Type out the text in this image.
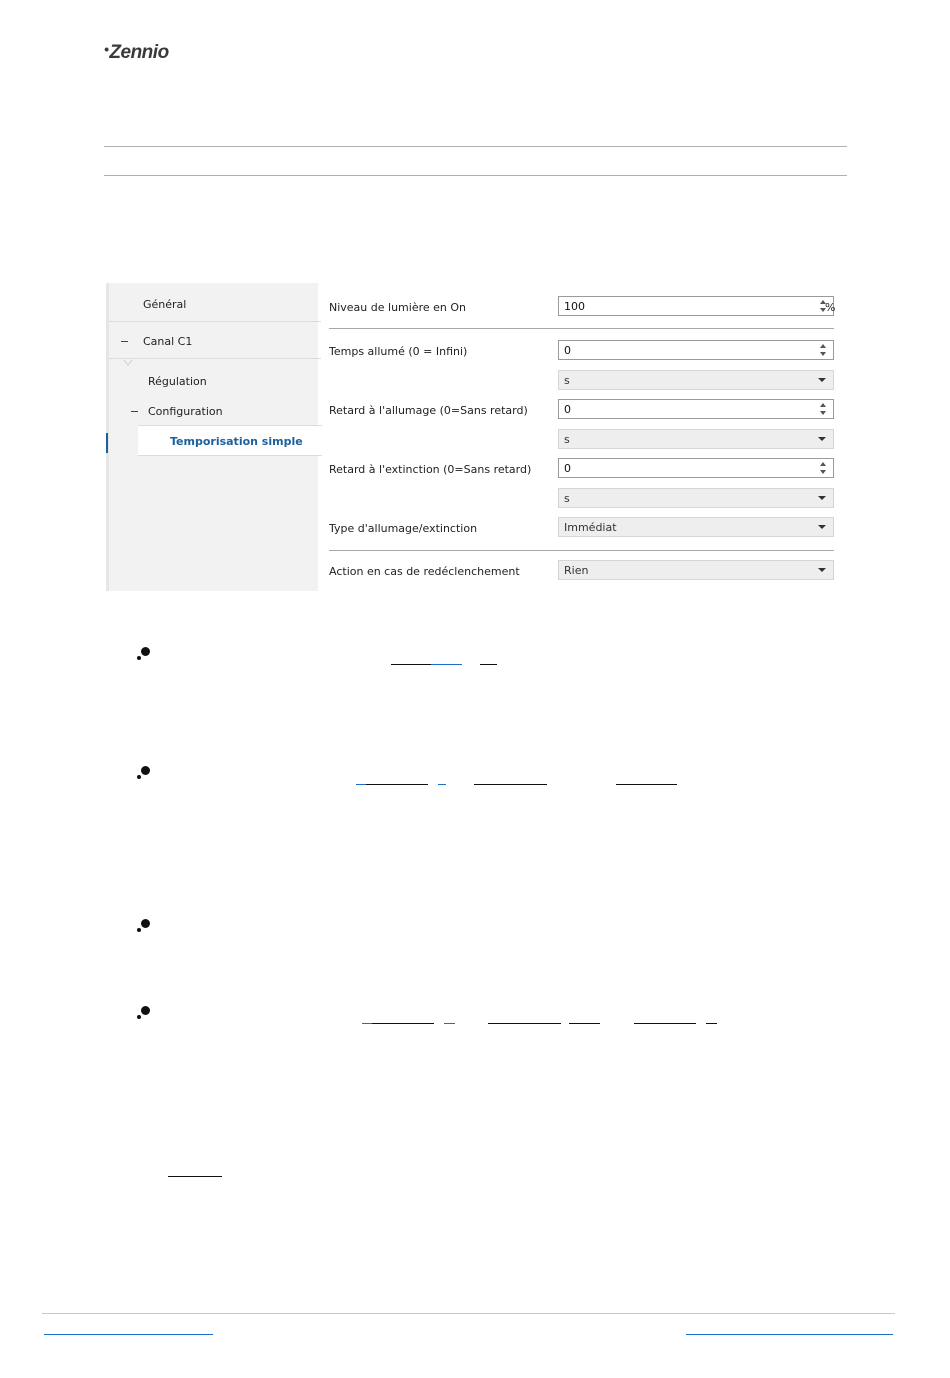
•Zennio
Général
Canal C1
Régulation
Configuration
Temporisation simple
Niveau de lumière en On	100	%
Temps allumé (0 = Infini)	0
s
Retard à l'allumage (0=Sans retard)	0
s
Retard à l'extinction (0=Sans retard)	0
s
Type d'allumage/extinction	Immédiat
Action en cas de redéclenchement	Rien
